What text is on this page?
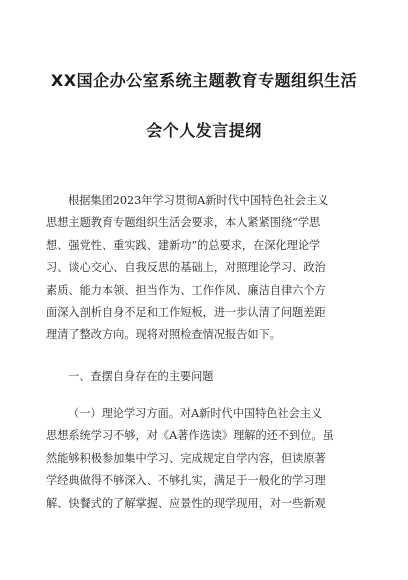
XX国企办公室系统主题教育专题组织生活
会个人发言提纲
根据集团2023年学习贯彻A新时代中国特色社会主义
思想主题教育专题组织生活会要求，本人紧紧围绕“学思
想、强党性、重实践、建新功”的总要求，在深化理论学
习、谈心交心、自我反思的基础上，对照理论学习、政治
素质、能力本领、担当作为、工作作风、廉洁自律六个方
面深入剖析自身不足和工作短板，进一步认清了问题差距
理清了整改方向。现将对照检查情况报告如下。
一、查摆自身存在的主要问题
（一）理论学习方面。对A新时代中国特色社会主义
思想系统学习不够，对《A著作选读》理解的还不到位。虽
然能够积极参加集中学习、完成规定自学内容，但读原著
学经典做得不够深入、不够扎实，满足于一般化的学习理
解、快餐式的了解掌握、应景性的现学现用，对一些新观
